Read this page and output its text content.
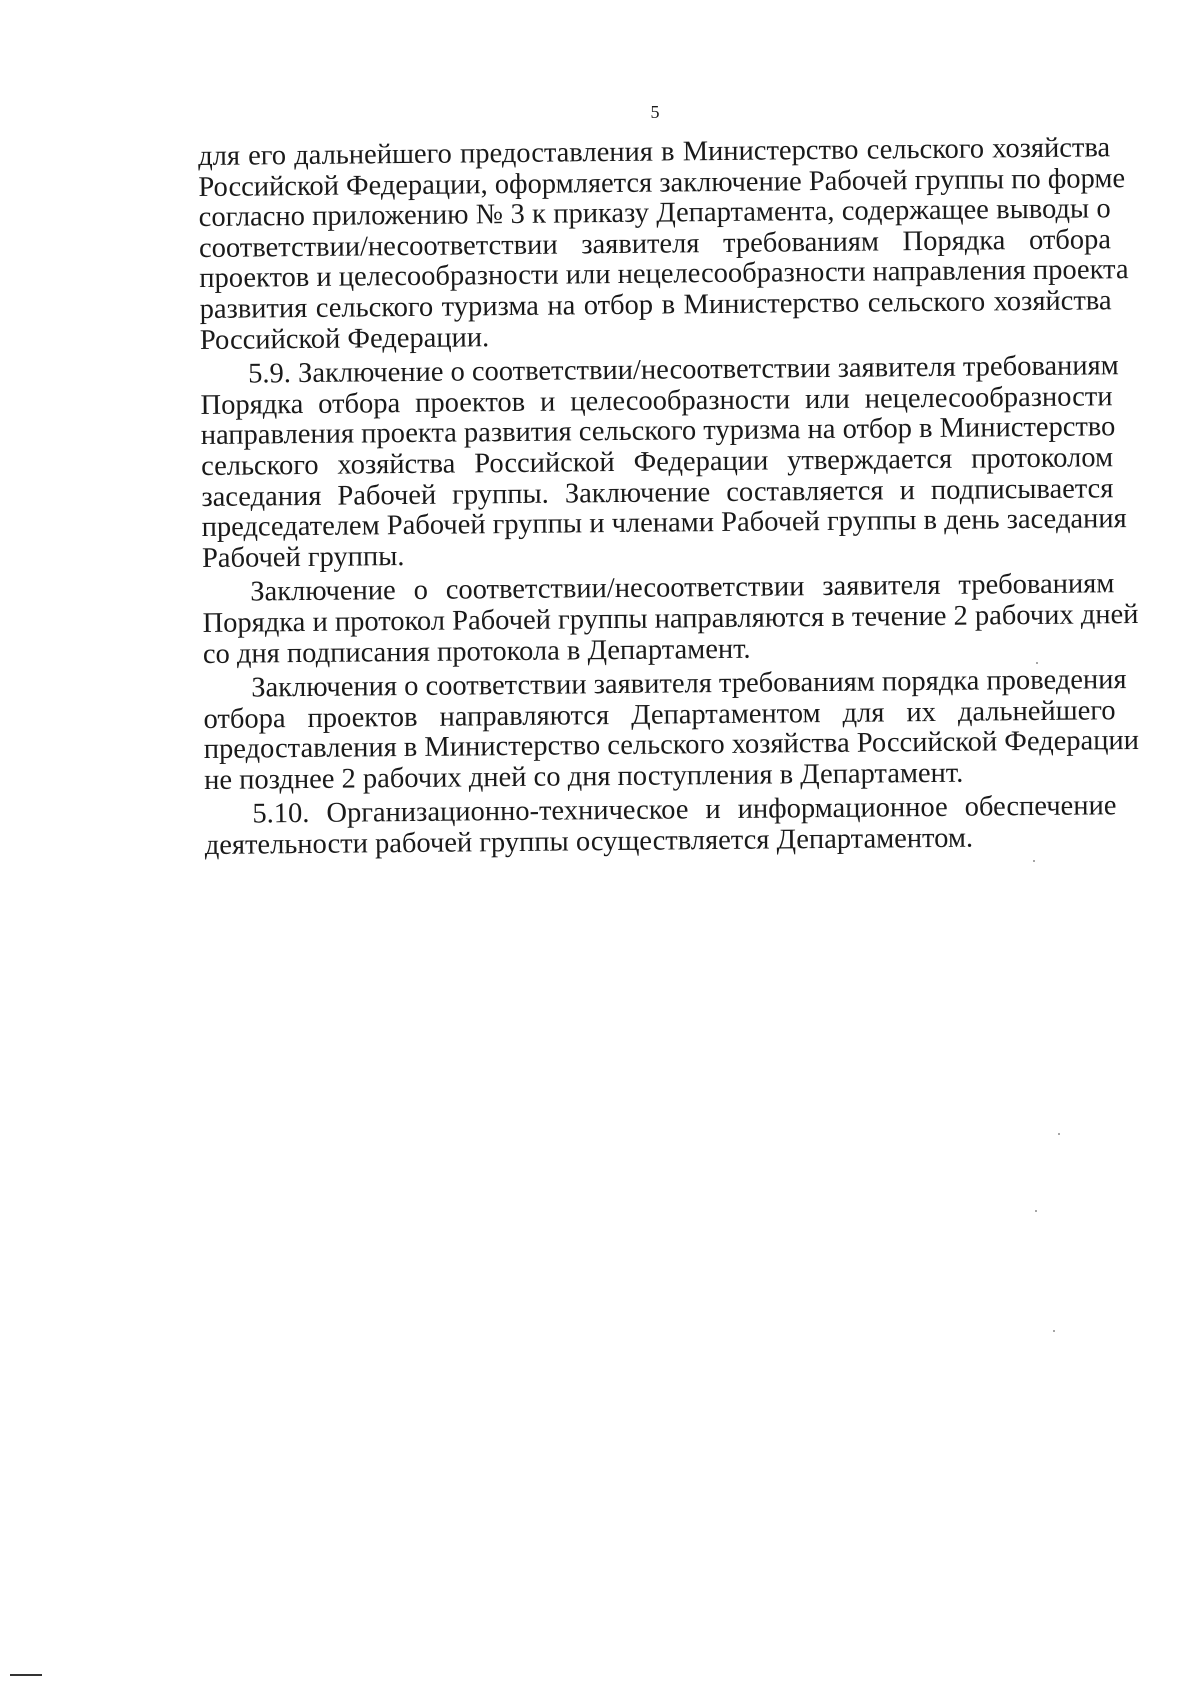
5
для его дальнейшего предоставления в Министерство сельского хозяйства
Российской Федерации, оформляется заключение Рабочей группы по форме
согласно приложению № 3 к приказу Департамента, содержащее выводы о
соответствии/несоответствии заявителя требованиям Порядка отбора
проектов и целесообразности или нецелесообразности направления проекта
развития сельского туризма на отбор в Министерство сельского хозяйства
Российской Федерации.
5.9. Заключение о соответствии/несоответствии заявителя требованиям
Порядка отбора проектов и целесообразности или нецелесообразности
направления проекта развития сельского туризма на отбор в Министерство
сельского хозяйства Российской Федерации утверждается протоколом
заседания Рабочей группы. Заключение составляется и подписывается
председателем Рабочей группы и членами Рабочей группы в день заседания
Рабочей группы.
Заключение о соответствии/несоответствии заявителя требованиям
Порядка и протокол Рабочей группы направляются в течение 2 рабочих дней
со дня подписания протокола в Департамент.
Заключения о соответствии заявителя требованиям порядка проведения
отбора проектов направляются Департаментом для их дальнейшего
предоставления в Министерство сельского хозяйства Российской Федерации
не позднее 2 рабочих дней со дня поступления в Департамент.
5.10. Организационно-техническое и информационное обеспечение
деятельности рабочей группы осуществляется Департаментом.
